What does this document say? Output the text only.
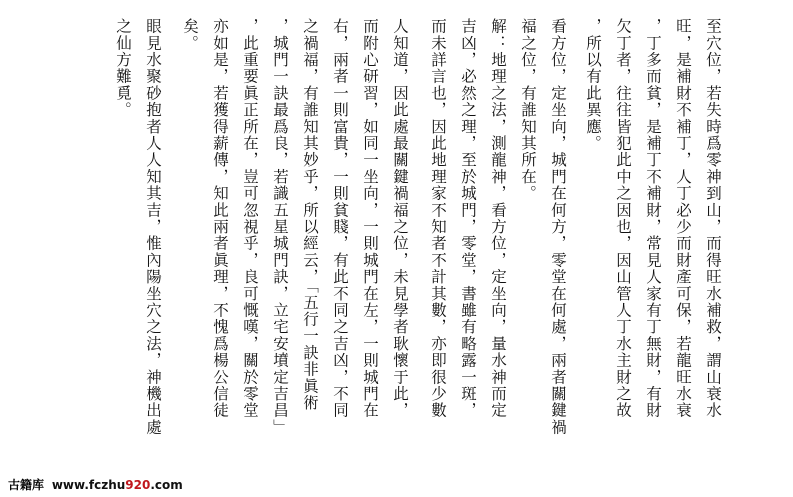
至穴位，若失時爲零神到山，而得旺水補救，謂山衰水
旺，是補財不補丁，人丁必少而財產可保，若龍旺水衰
，丁多而貧，是補丁不補財，常見人家有丁無財，有財
欠丁者，往往皆犯此中之因也，因山管人丁水主財之故
，所以有此異應。
看方位，定坐向，城門在何方，零堂在何處，兩者關鍵禍
福之位，有誰知其所在。
解：地理之法，測龍神，看方位，定坐向，量水神而定
吉凶，必然之理，至於城門，零堂，書雖有略露一斑，
而未詳言也，因此地理家不知者不計其數，亦即很少數
人知道，因此處最關鍵禍福之位，未見學者耿懷于此，
而附心研習，如同一坐向，一則城門在左，一則城門在
右，兩者一則富貴，一則貧賤，有此不同之吉凶，不同
之禍福，有誰知其妙乎，所以經云，「五行一訣非眞術
，城門一訣最爲良，若識五星城門訣，立宅安墳定吉昌」
，此重要眞正所在，豈可忽視乎，良可慨嘆，關於零堂
亦如是，若獲得薪傳，知此兩者眞理，不愧爲楊公信徒
矣。
眼見水聚砂抱者人人知其吉，惟內陽坐穴之法，神機出處
之仙方難覓。
古籍库 www.fczhu920.com
